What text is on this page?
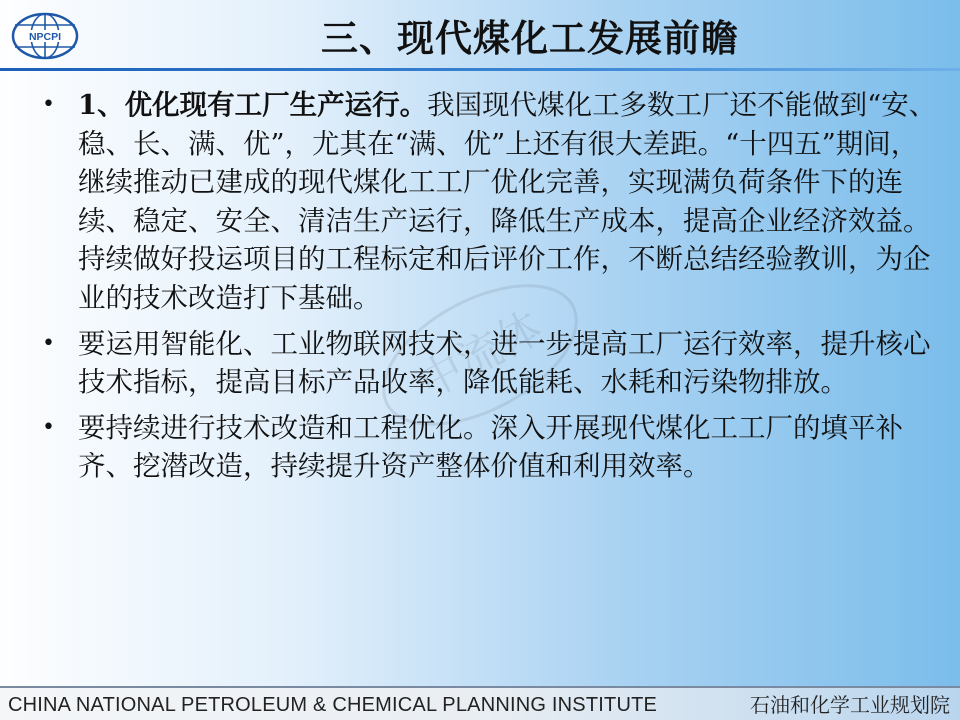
NPCPI	三、现代煤化工发展前瞻
中流体
• 1、优化现有工厂生产运行。我国现代煤化工多数工厂还不能做到“安、稳、长、满、优”，尤其在“满、优”上还有很大差距。“十四五”期间，继续推动已建成的现代煤化工工厂优化完善，实现满负荷条件下的连续、稳定、安全、清洁生产运行，降低生产成本，提高企业经济效益。持续做好投运项目的工程标定和后评价工作，不断总结经验教训，为企业的技术改造打下基础。
• 要运用智能化、工业物联网技术，进一步提高工厂运行效率，提升核心技术指标，提高目标产品收率，降低能耗、水耗和污染物排放。
• 要持续进行技术改造和工程优化。深入开展现代煤化工工厂的填平补齐、挖潜改造，持续提升资产整体价值和利用效率。
CHINA NATIONAL PETROLEUM & CHEMICAL PLANNING INSTITUTE	石油和化学工业规划院
